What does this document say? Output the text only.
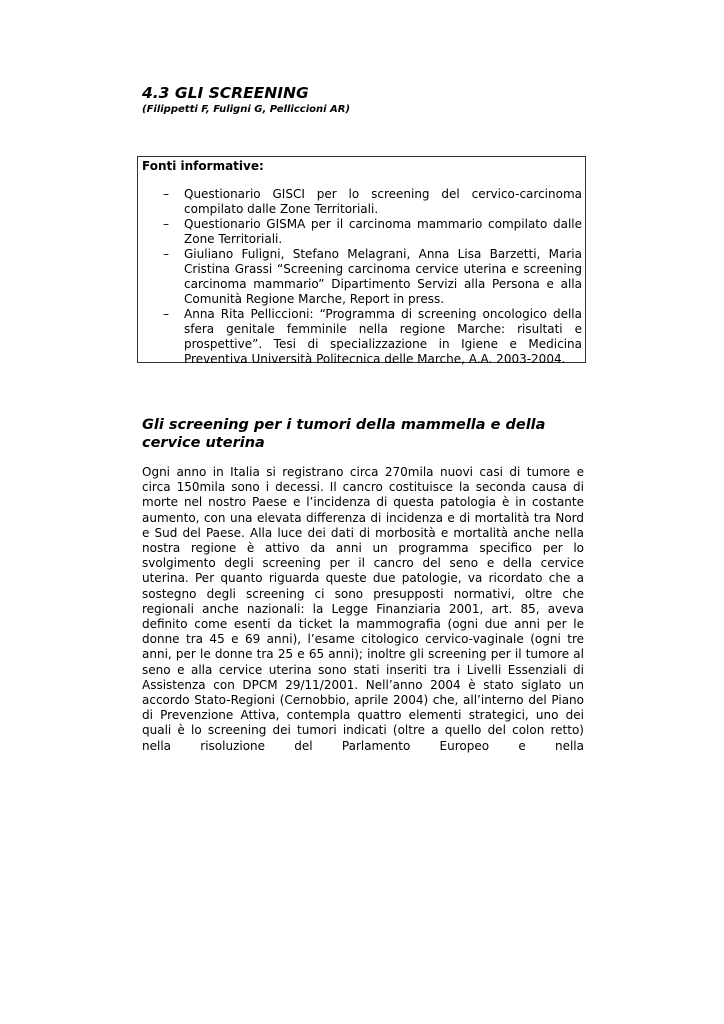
4.3 GLI SCREENING

(Filippetti F, Fuligni G, Pelliccioni AR)

Fonti informative:

– Questionario GISCI per lo screening del cervico-carcinoma compilato dalle Zone Territoriali.
– Questionario GISMA per il carcinoma mammario compilato dalle Zone Territoriali.
– Giuliano Fuligni, Stefano Melagrani, Anna Lisa Barzetti, Maria Cristina Grassi “Screening carcinoma cervice uterina e screening carcinoma mammario” Dipartimento Servizi alla Persona e alla Comunità Regione Marche, Report in press.
– Anna Rita Pelliccioni: “Programma di screening oncologico della sfera genitale femminile nella regione Marche: risultati e prospettive”. Tesi di specializzazione in Igiene e Medicina Preventiva Università Politecnica delle Marche, A.A. 2003-2004.
Gli screening per i tumori della mammella e della cervice uterina

Ogni anno in Italia si registrano circa 270mila nuovi casi di tumore e circa 150mila sono i decessi. Il cancro costituisce la seconda causa di morte nel nostro Paese e l’incidenza di questa patologia è in costante aumento, con una elevata differenza di incidenza e di mortalità tra Nord e Sud del Paese. Alla luce dei dati di morbosità e mortalità anche nella nostra regione è attivo da anni un programma specifico per lo svolgimento degli screening per il cancro del seno e della cervice uterina. Per quanto riguarda queste due patologie, va ricordato che a sostegno degli screening ci sono presupposti normativi, oltre che regionali anche nazionali: la Legge Finanziaria 2001, art. 85, aveva definito come esenti da ticket la mammografia (ogni due anni per le donne tra 45 e 69 anni), l’esame citologico cervico-vaginale (ogni tre anni, per le donne tra 25 e 65 anni); inoltre gli screening per il tumore al seno e alla cervice uterina sono stati inseriti tra i Livelli Essenziali di Assistenza con DPCM 29/11/2001. Nell’anno 2004 è stato siglato un accordo Stato-Regioni (Cernobbio, aprile 2004) che, all’interno del Piano di Prevenzione Attiva, contempla quattro elementi strategici, uno dei quali è lo screening dei tumori indicati (oltre a quello del colon retto) nella risoluzione del Parlamento Europeo e nella
